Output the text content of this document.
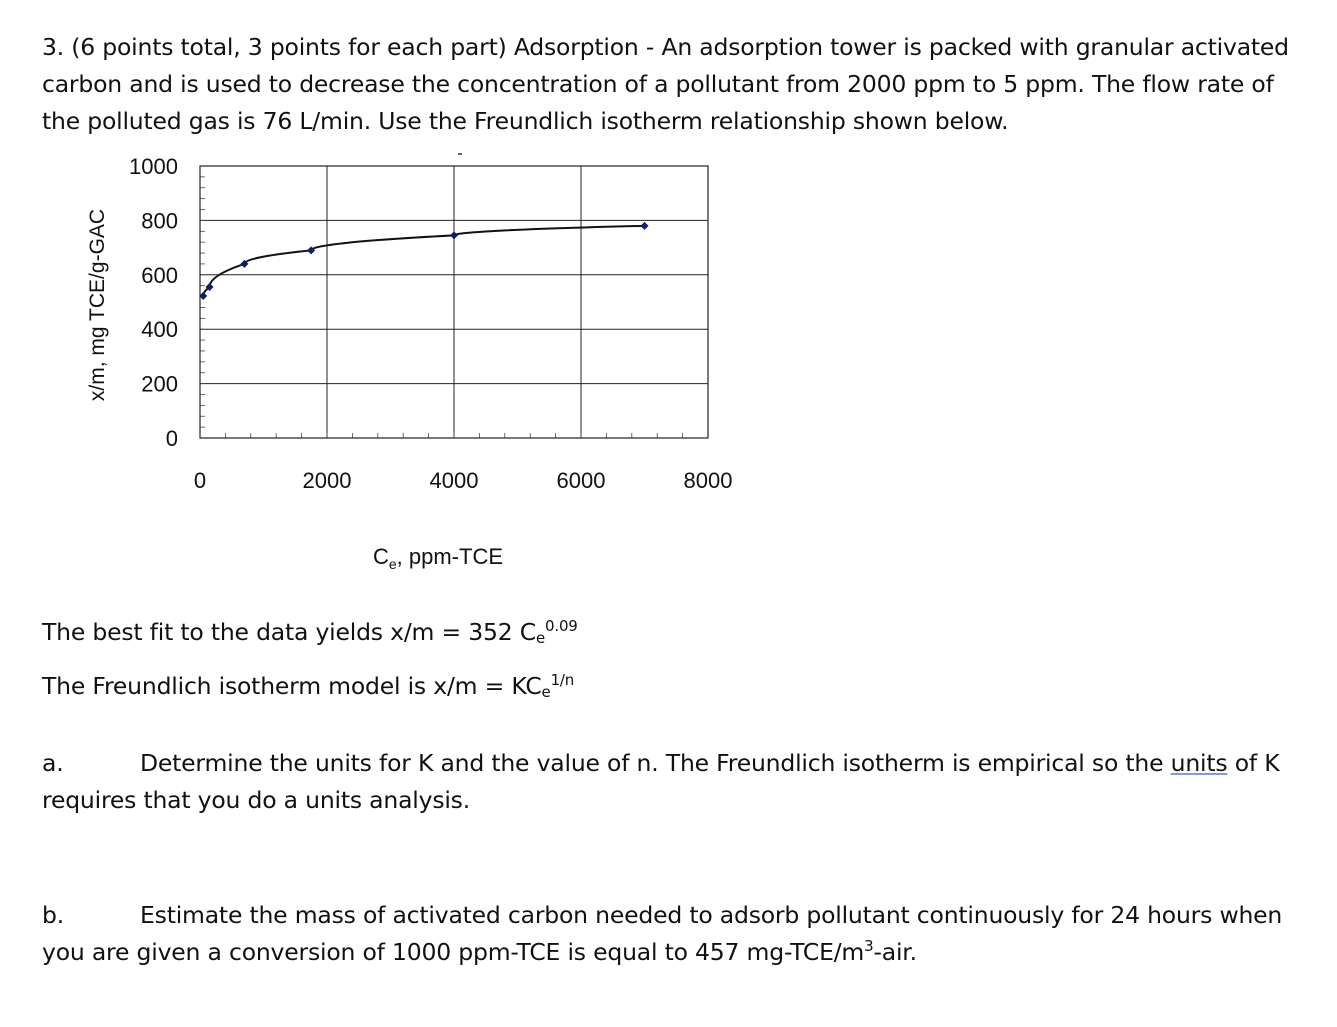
3. (6 points total, 3 points for each part) Adsorption - An adsorption tower is packed with granular activated carbon and is used to decrease the concentration of a pollutant from 2000 ppm to 5 ppm. The flow rate of the polluted gas is 76 L/min. Use the Freundlich isotherm relationship shown below.

0
200
400
600
800
1000
0	2000	4000	6000	8000
x/m, mg TCE/g-GAC
$C_e$, ppm-TCE

The best fit to the data yields x/m = 352 $C_e^{0.09}$

The Freundlich isotherm model is $x/m = KC_e^{1/n}$

a.	Determine the units for K and the value of n. The Freundlich isotherm is empirical so the units of K requires that you do a units analysis.

b.	Estimate the mass of activated carbon needed to adsorb pollutant continuously for 24 hours when you are given a conversion of 1000 ppm-TCE is equal to 457 $mg-TCE/m^3$-air.
